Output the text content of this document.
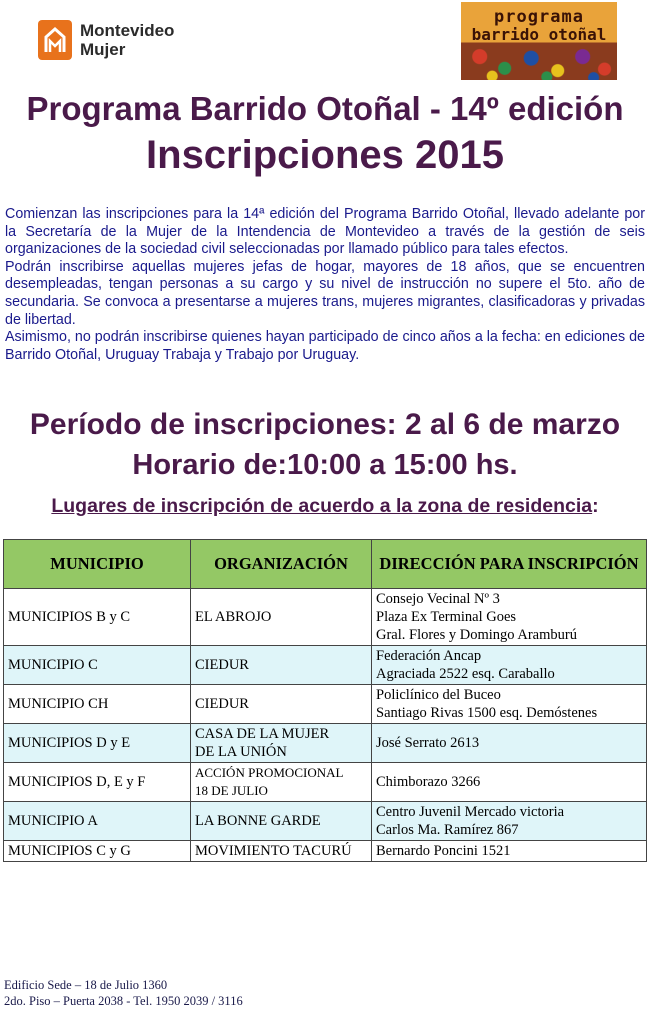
Montevideo
Mujer
programa
barrido otoñal
Programa Barrido Otoñal - 14º edición
Inscripciones 2015

Comienzan las inscripciones para la 14ª edición del Programa Barrido Otoñal, llevado adelante por la Secretaría de la Mujer de la Intendencia de Montevideo a través de la gestión de seis organizaciones de la sociedad civil seleccionadas por llamado público para tales efectos.

Podrán inscribirse aquellas mujeres jefas de hogar, mayores de 18 años, que se encuentren desempleadas, tengan personas a su cargo y su nivel de instrucción no supere el 5to. año de secundaria. Se convoca a presentarse a mujeres trans, mujeres migrantes, clasificadoras y privadas de libertad.

Asimismo, no podrán inscribirse quienes hayan participado de cinco años a la fecha: en ediciones de Barrido Otoñal, Uruguay Trabaja y Trabajo por Uruguay.

Período de inscripciones: 2 al 6 de marzo
Horario de:10:00 a 15:00 hs.
Lugares de inscripción de acuerdo a la zona de residencia:
MUNICIPIO	ORGANIZACIÓN	DIRECCIÓN PARA INSCRIPCIÓN
MUNICIPIOS B y C	EL ABROJO	Consejo Vecinal Nº 3
Plaza Ex Terminal Goes
Gral. Flores y Domingo Aramburú

MUNICIPIO C	CIEDUR	Federación Ancap
Agraciada 2522 esq. Caraballo

MUNICIPIO CH	CIEDUR	Policlínico del Buceo
Santiago Rivas 1500 esq. Demóstenes

MUNICIPIOS D y E	CASA DE LA MUJER
DE LA UNIÓN	José Serrato 2613
MUNICIPIOS D, E y F	ACCIÓN PROMOCIONAL
18 DE JULIO	Chimborazo 3266
MUNICIPIO A	LA BONNE GARDE	Centro Juvenil Mercado victoria
Carlos Ma. Ramírez 867

MUNICIPIOS C y G	MOVIMIENTO TACURÚ	Bernardo Poncini 1521
Edificio Sede – 18 de Julio 1360
2do. Piso – Puerta 2038 - Tel. 1950 2039 / 3116
